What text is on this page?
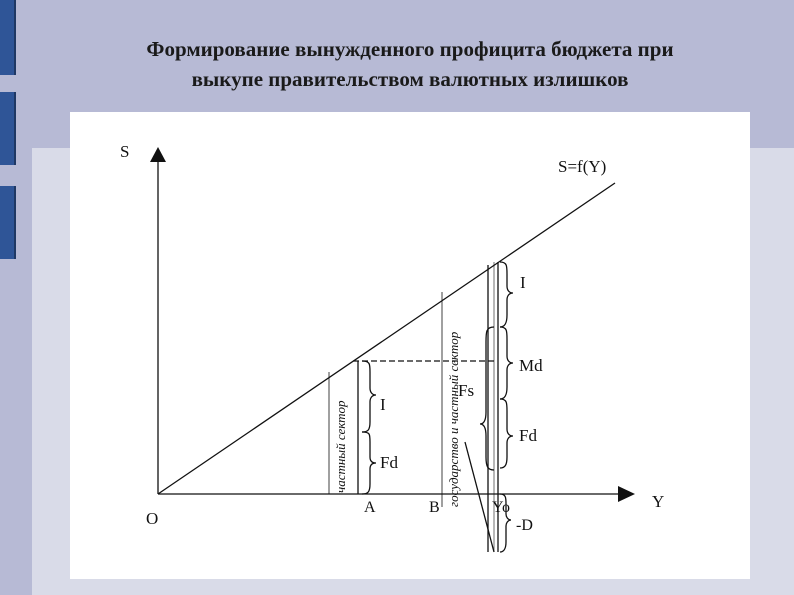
Формирование вынужденного профицита бюджета при
выкупе правительством валютных излишков
S
Y
O
S=f(Y)
A	B	Yo
-D
I
Fd
I
Md
Fd
Fs
частный сектор	государство и частный сектор
